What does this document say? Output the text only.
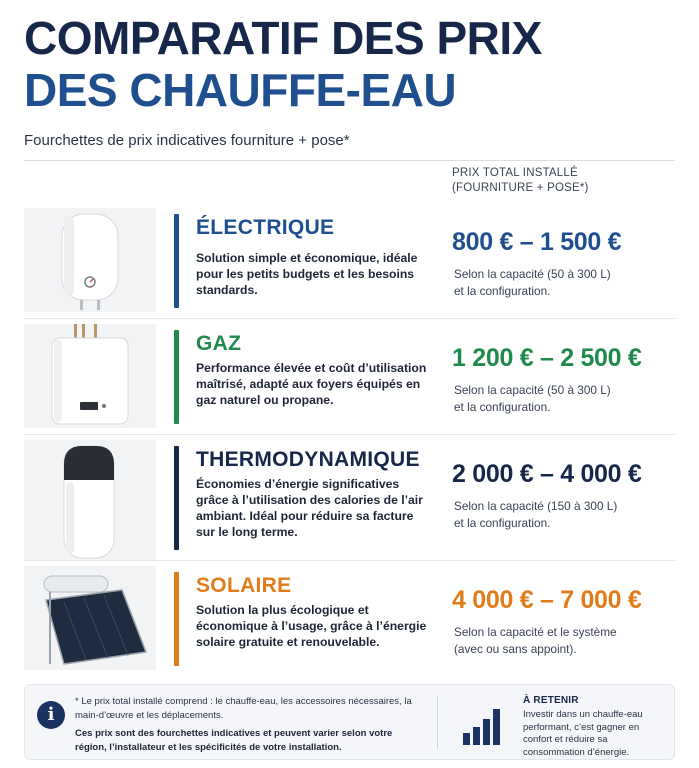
COMPARATIF DES PRIX
DES CHAUFFE-EAU
Fourchettes de prix indicatives fourniture + pose*
PRIX TOTAL INSTALLÉ
(FOURNITURE + POSE*)
ÉLECTRIQUE
Solution simple et économique, idéale pour les petits budgets et les besoins standards.
800 € – 1 500 €
Selon la capacité (50 à 300 L)
et la configuration.
GAZ
Performance élevée et coût d’utilisation maîtrisé, adapté aux foyers équipés en gaz naturel ou propane.
1 200 € – 2 500 €
Selon la capacité (50 à 300 L)
et la configuration.
THERMODYNAMIQUE
Économies d’énergie significatives grâce à l’utilisation des calories de l’air ambiant. Idéal pour réduire sa facture sur le long terme.
2 000 € – 4 000 €
Selon la capacité (150 à 300 L)
et la configuration.
SOLAIRE
Solution la plus écologique et économique à l’usage, grâce à l’énergie solaire gratuite et renouvelable.
4 000 € – 7 000 €
Selon la capacité et le système
(avec ou sans appoint).
i
* Le prix total installé comprend : le chauffe-eau, les accessoires nécessaires, la main-d’œuvre et les déplacements.
Ces prix sont des fourchettes indicatives et peuvent varier selon votre région, l’installateur et les spécificités de votre installation.
À RETENIR
Investir dans un chauffe-eau performant, c’est gagner en confort et réduire sa consommation d’énergie.
